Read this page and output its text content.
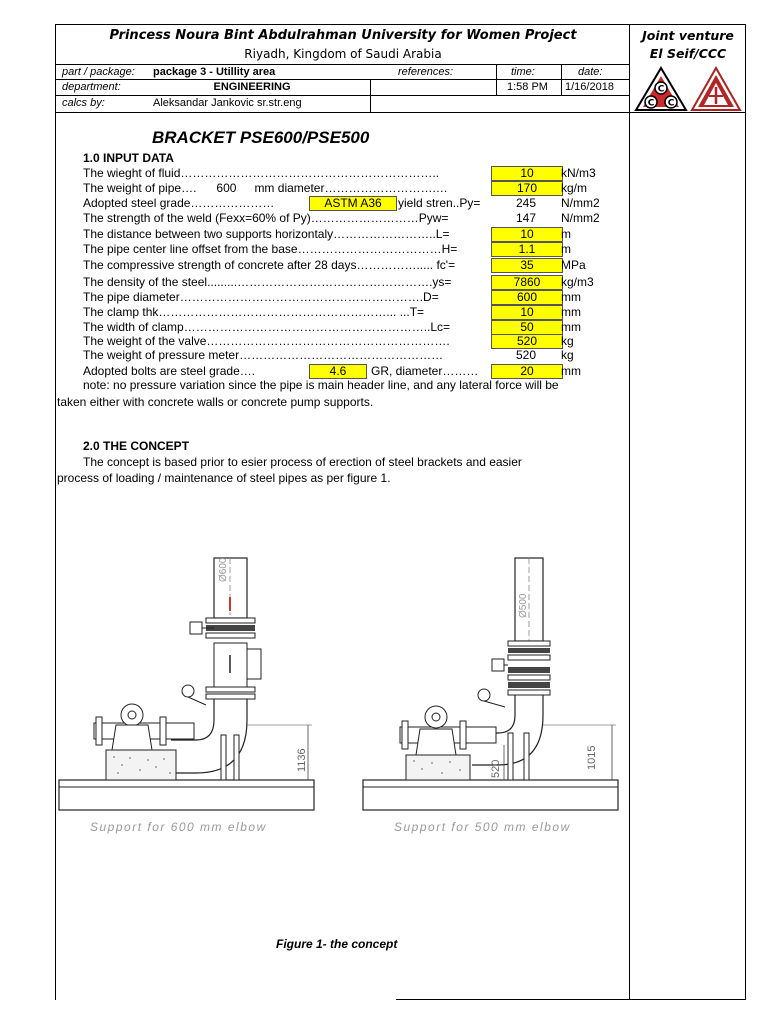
Princess Noura Bint Abdulrahman University for Women Project
Riyadh, Kingdom of Saudi Arabia
Joint venture
El Seif/CCC
C
C C
part / package: package 3 - Utillity area	references:	time:	date:
department:	ENGINEERING	1:58 PM 1/16/2018
calcs by:	Aleksandar Jankovic sr.str.eng
BRACKET PSE600/PSE500
1.0 INPUT DATA
The wieght of fluid………………………………………………………..	10	kN/m3
The weight of pipe…. 600 mm diameter……………………….…	170	kg/m
Adopted steel grade…………………	ASTM A36	yield stren..Py=	245	N/mm2
The strength of the weld (Fexx=60% of Py)………………………Pyw=	147	N/mm2
The distance between two supports horizontaly……………………..L=	10	m
The pipe center line offset from the base………………………………H=	1.1	m
The compressive strength of concrete after 28 days……………..... fc'=	35	MPa
The density of the steel.........………………………………………….ys=	7860	kg/m3
The pipe diameter…………………………………………………….D=	600	mm
The clamp thk…………………………………………………... ...T=	10	mm
The width of clamp……………………………………………………..Lc=	50	mm
The weight of the valve…………………………………………………….	520	kg
The weight of pressure meter……………………………………………	520	kg
Adopted bolts are steel grade….	4.6	GR, diameter………	20	mm
note: no pressure variation since the pipe is main header line, and any lateral force will be
taken either with concrete walls or concrete pump supports.
2.0 THE CONCEPT
The concept is based prior to esier process of erection of steel brackets and easier
process of loading / maintenance of steel pipes as per figure 1.
Ø600
1136
Support for 600 mm elbow
Ø500
1015
520
Support for 500 mm elbow
Figure 1- the concept
